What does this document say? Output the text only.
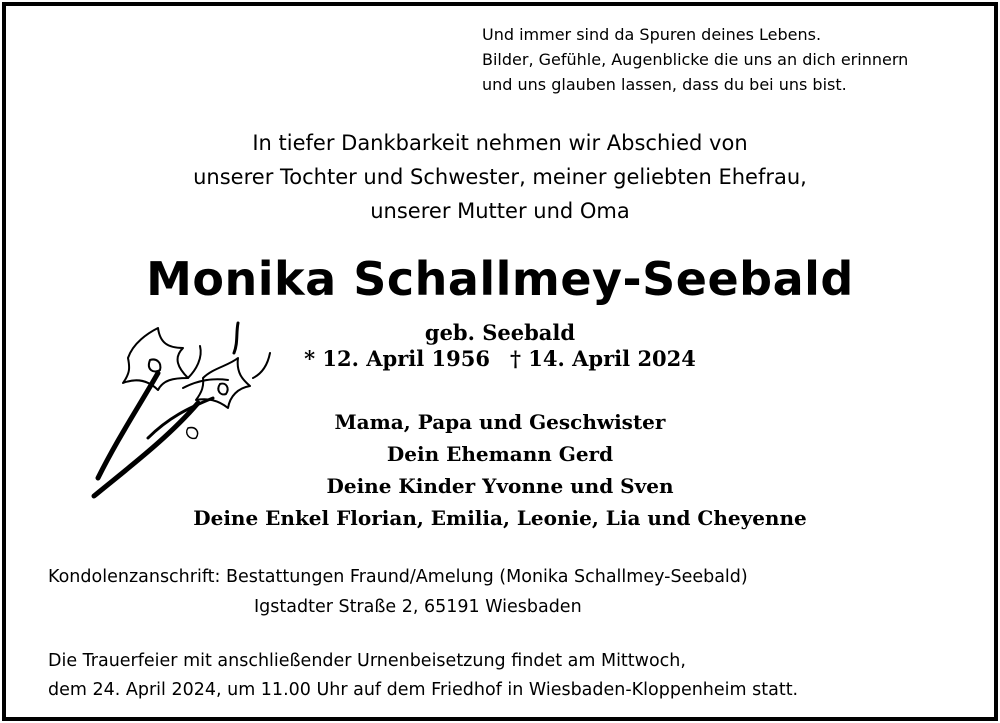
Und immer sind da Spuren deines Lebens.
Bilder, Gefühle, Augenblicke die uns an dich erinnern
und uns glauben lassen, dass du bei uns bist.
In tiefer Dankbarkeit nehmen wir Abschied von
unserer Tochter und Schwester, meiner geliebten Ehefrau,
unserer Mutter und Oma
Monika Schallmey-Seebald
geb. Seebald
* 12. April 1956 † 14. April 2024
Mama, Papa und Geschwister
Dein Ehemann Gerd
Deine Kinder Yvonne und Sven
Deine Enkel Florian, Emilia, Leonie, Lia und Cheyenne
Kondolenzanschrift: Bestattungen Fraund/Amelung (Monika Schallmey-Seebald)
Igstadter Straße 2, 65191 Wiesbaden
Die Trauerfeier mit anschließender Urnenbeisetzung findet am Mittwoch,
dem 24. April 2024, um 11.00 Uhr auf dem Friedhof in Wiesbaden-Kloppenheim statt.
